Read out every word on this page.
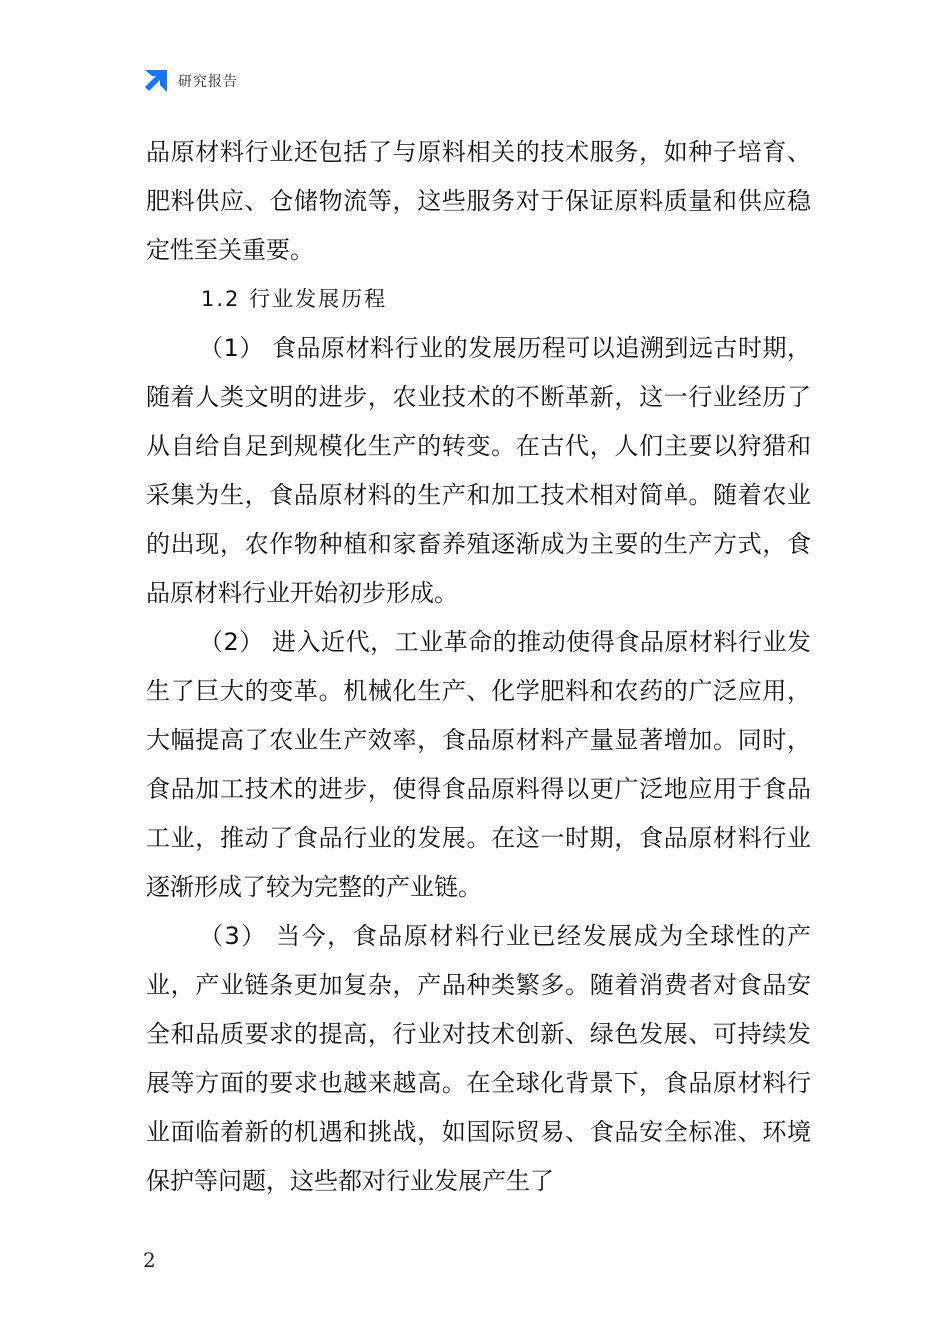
研究报告

品原材料行业还包括了与原料相关的技术服务，如种子培育、肥料供应、仓储物流等，这些服务对于保证原料质量和供应稳定性至关重要。

1.2 行业发展历程

（1） 食品原材料行业的发展历程可以追溯到远古时期，随着人类文明的进步，农业技术的不断革新，这一行业经历了从自给自足到规模化生产的转变。在古代，人们主要以狩猎和采集为生，食品原材料的生产和加工技术相对简单。随着农业的出现，农作物种植和家畜养殖逐渐成为主要的生产方式，食品原材料行业开始初步形成。

（2） 进入近代，工业革命的推动使得食品原材料行业发生了巨大的变革。机械化生产、化学肥料和农药的广泛应用，大幅提高了农业生产效率，食品原材料产量显著增加。同时，食品加工技术的进步，使得食品原料得以更广泛地应用于食品工业，推动了食品行业的发展。在这一时期，食品原材料行业逐渐形成了较为完整的产业链。

（3） 当今，食品原材料行业已经发展成为全球性的产业，产业链条更加复杂，产品种类繁多。随着消费者对食品安全和品质要求的提高，行业对技术创新、绿色发展、可持续发展等方面的要求也越来越高。在全球化背景下，食品原材料行业面临着新的机遇和挑战，如国际贸易、食品安全标准、环境保护等问题，这些都对行业发展产生了

2
